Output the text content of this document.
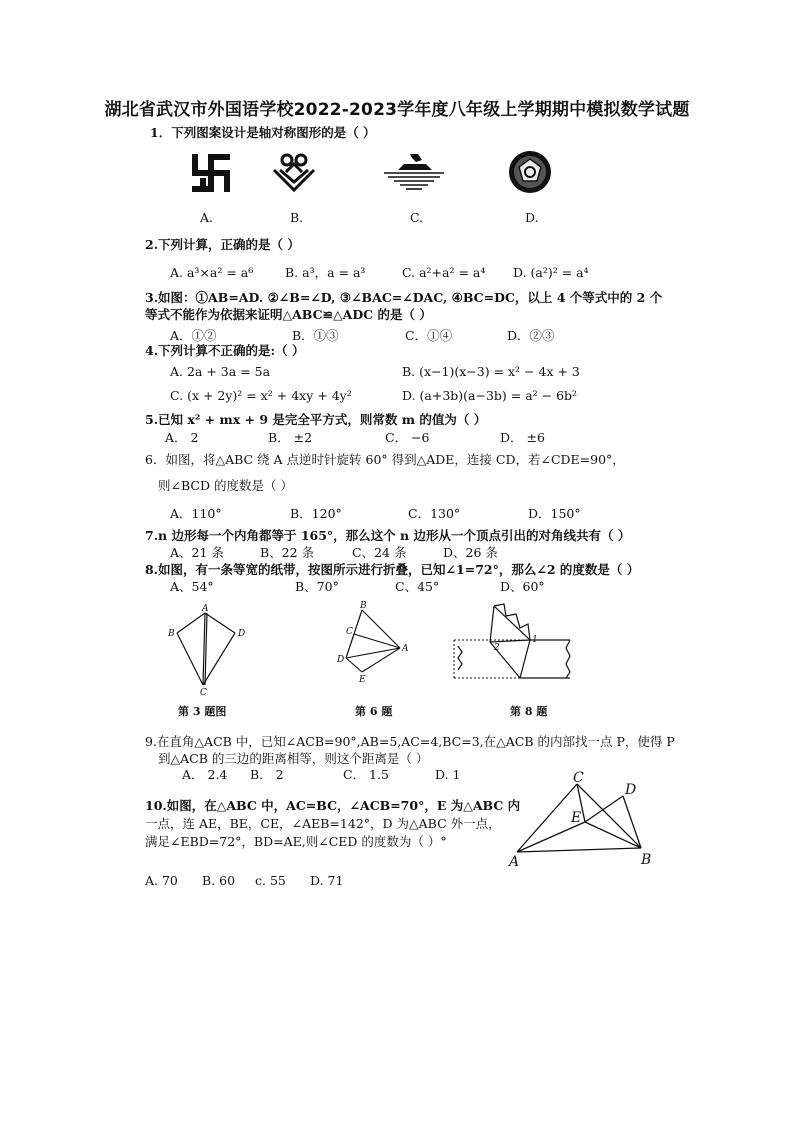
湖北省武汉市外国语学校2022-2023学年度八年级上学期期中模拟数学试题
1．下列图案设计是轴对称图形的是（ ）
A.	B.	C.	D.
2.下列计算，正确的是（ ）
A. a³×a² = a⁶	B. a³，a = a³	C. a²+a² = a⁴ D. (a²)² = a⁴
3.如图：①AB=AD. ②∠B=∠D, ③∠BAC=∠DAC, ④BC=DC，以上 4 个等式中的 2 个
等式不能作为依据来证明△ABC≌△ADC 的是（ ）
A．①②	B．①③	C．①④	D．②③
4.下列计算不正确的是:（ ）
A. 2a + 3a = 5a	B. (x−1)(x−3) = x² − 4x + 3
C. (x + 2y)² = x² + 4xy + 4y²	D. (a+3b)(a−3b) = a² − 6b²
5.已知 x² + mx + 9 是完全平方式，则常数 m 的值为（ ）
A． 2	B． ±2	C． −6	D． ±6
6．如图，将△ABC 绕 A 点逆时针旋转 60° 得到△ADE，连接 CD，若∠CDE=90°，
则∠BCD 的度数是（ ）
A．110°	B．120°	C．130°	D．150°
7.n 边形每一个内角都等于 165°，那么这个 n 边形从一个顶点引出的对角线共有（ ）
A、21 条	B、22 条	C、24 条	D、26 条
8.如图，有一条等宽的纸带，按图所示进行折叠，已知∠1=72°，那么∠2 的度数是（ ）
A、54°	B、70°	C、45°	D、60°
A
B	D
C
第 3 题图
B
C
A
D
E
第 6 题
1
2
第 8 题
9.在直角△ACB 中，已知∠ACB=90°,AB=5,AC=4,BC=3,在△ACB 的内部找一点 P，使得 P
到△ACB 的三边的距离相等，则这个距离是（ ）
A． 2.4 B． 2	C． 1.5	D. 1
10.如图，在△ABC 中，AC=BC，∠ACB=70°，E 为△ABC 内
一点，连 AE，BE，CE，∠AEB=142°，D 为△ABC 外一点，
满足∠EBD=72°，BD=AE,则∠CED 的度数为（ ）°
C
D
E
A	B
A. 70 B. 60 c. 55 D. 71
